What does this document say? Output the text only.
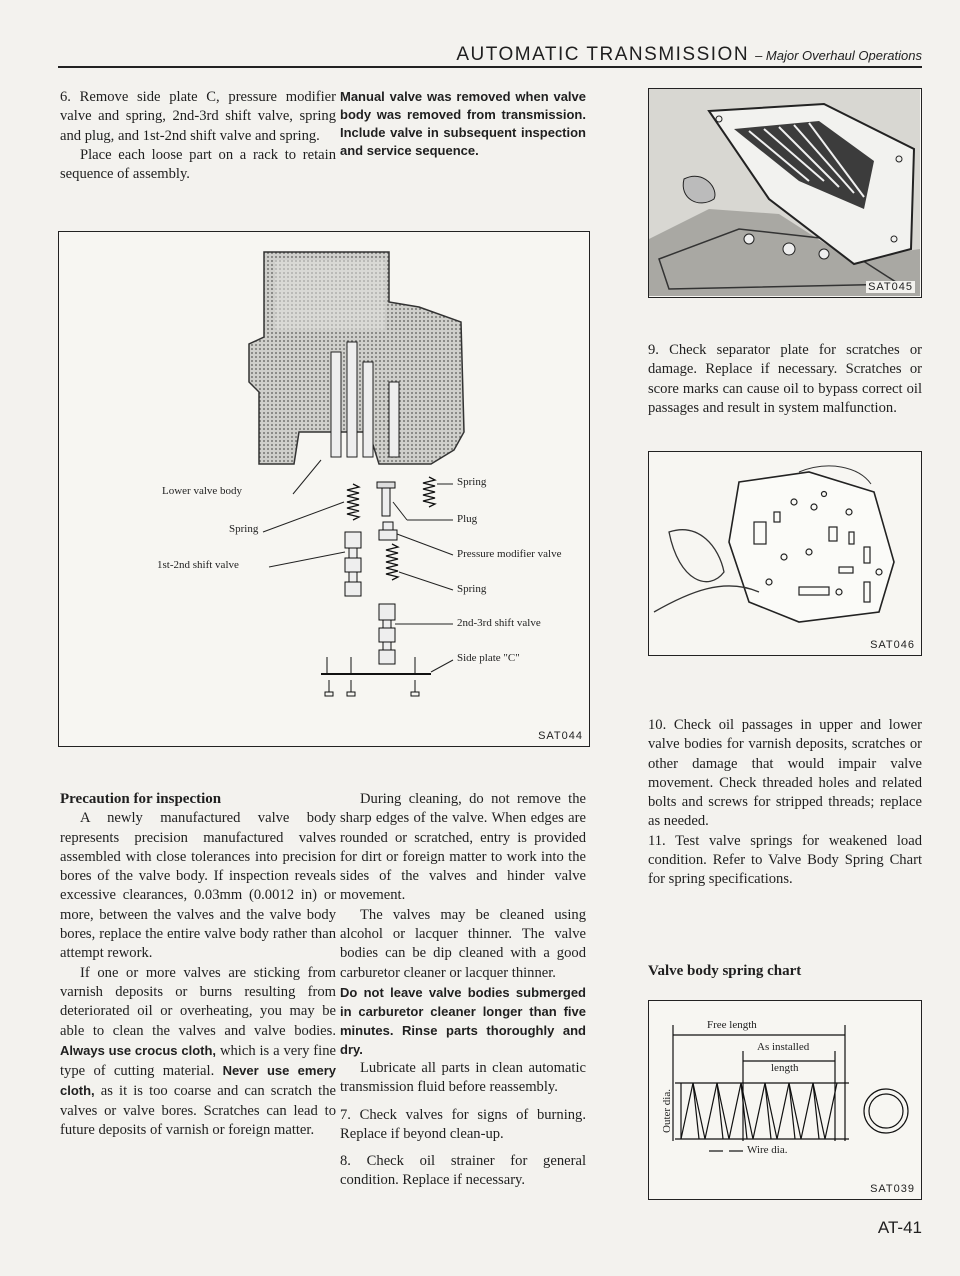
AUTOMATIC TRANSMISSION – Major Overhaul Operations

6. Remove side plate C, pressure modifier valve and spring, 2nd-3rd shift valve, spring and plug, and 1st-2nd shift valve and spring.

Place each loose part on a rack to retain sequence of assembly.

Lower valve body
Spring
1st-2nd shift valve
Spring
Plug
Pressure modifier valve
Spring
2nd-3rd shift valve
Side plate "C"
SAT044

Manual valve was removed when valve body was removed from transmission. Include valve in subsequent inspection and service sequence.

Precaution for inspection

A newly manufactured valve body represents precision manufactured valves assembled with close tolerances into precision bores of the valve body. If inspection reveals excessive clearances, 0.03mm (0.0012 in) or more, between the valves and the valve body bores, replace the entire valve body rather than attempt rework.

If one or more valves are sticking from varnish deposits or burns resulting from deteriorated oil or overheating, you may be able to clean the valves and valve bodies. Always use crocus cloth, which is a very fine type of cutting material. Never use emery cloth, as it is too coarse and can scratch the valves or valve bores. Scratches can lead to future deposits of varnish or foreign matter.

During cleaning, do not remove the sharp edges of the valve. When edges are rounded or scratched, entry is provided for dirt or foreign matter to work into the sides of the valves and hinder valve movement.

The valves may be cleaned using alcohol or lacquer thinner. The valve bodies can be dip cleaned with a good carburetor cleaner or lacquer thinner.

Do not leave valve bodies submerged in carburetor cleaner longer than five minutes. Rinse parts thoroughly and dry.

Lubricate all parts in clean automatic transmission fluid before reassembly.

7. Check valves for signs of burning. Replace if beyond clean-up.

8. Check oil strainer for general condition. Replace if necessary.

SAT045

9. Check separator plate for scratches or damage. Replace if necessary. Scratches or score marks can cause oil to bypass correct oil passages and result in system malfunction.

SAT046

10. Check oil passages in upper and lower valve bodies for varnish deposits, scratches or other damage that would impair valve movement. Check threaded holes and related bolts and screws for stripped threads; replace as needed.

11. Test valve springs for weakened load condition. Refer to Valve Body Spring Chart for spring specifications.

Valve body spring chart

Free length
As installed
length
Outer dia.
Wire dia.
SAT039
AT-41
